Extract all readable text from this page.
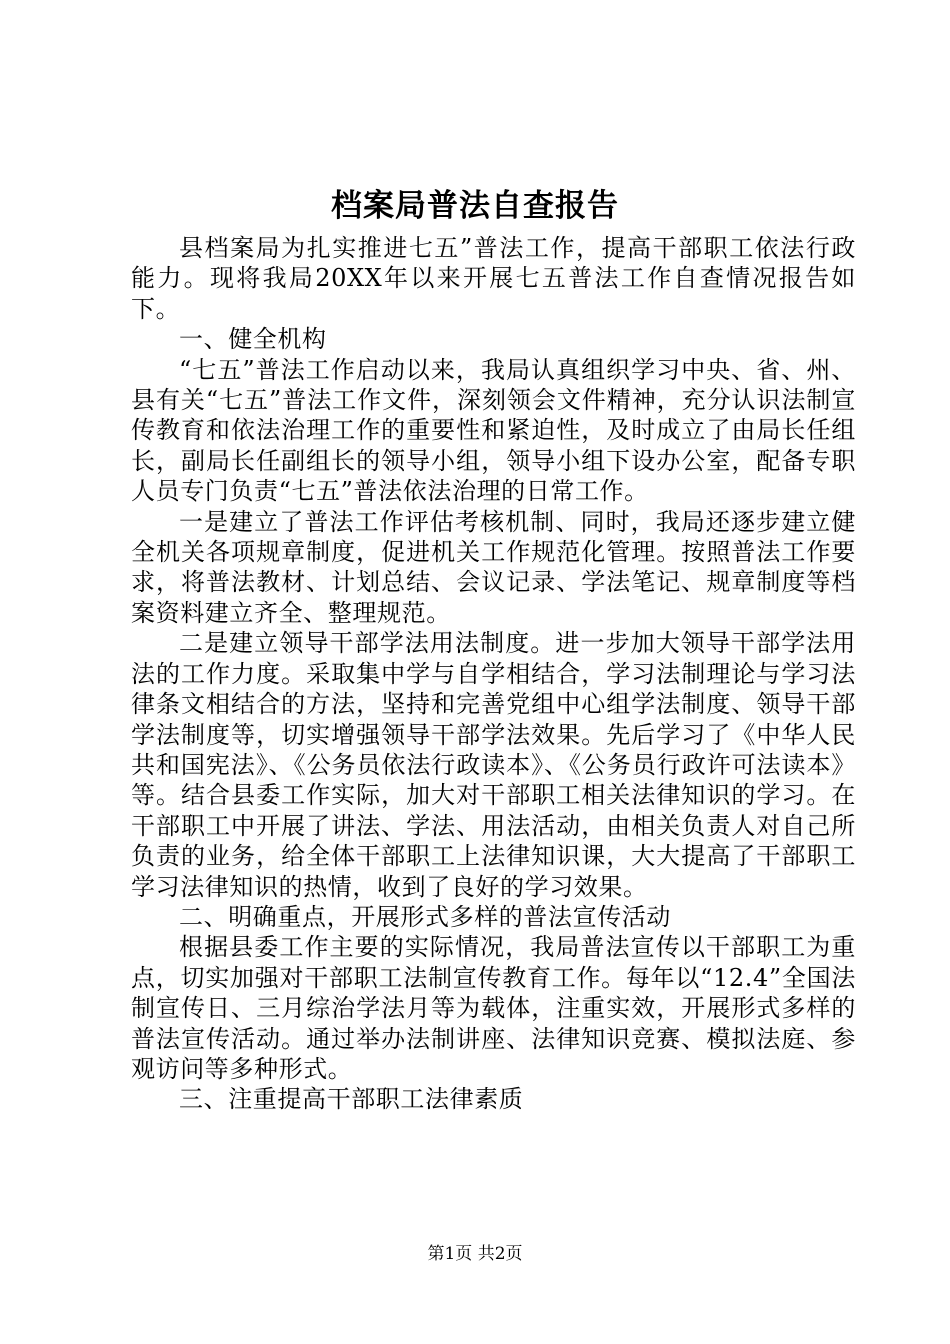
档案局普法自查报告

县档案局为扎实推进七五”普法工作，提高干部职工依法行政能力。现将我局20XX年以来开展七五普法工作自查情况报告如下。

一、健全机构

“七五”普法工作启动以来，我局认真组织学习中央、省、州、县有关“七五”普法工作文件，深刻领会文件精神，充分认识法制宣传教育和依法治理工作的重要性和紧迫性，及时成立了由局长任组长，副局长任副组长的领导小组，领导小组下设办公室，配备专职人员专门负责“七五”普法依法治理的日常工作。

一是建立了普法工作评估考核机制、同时，我局还逐步建立健全机关各项规章制度，促进机关工作规范化管理。按照普法工作要求，将普法教材、计划总结、会议记录、学法笔记、规章制度等档案资料建立齐全、整理规范。

二是建立领导干部学法用法制度。进一步加大领导干部学法用法的工作力度。采取集中学与自学相结合，学习法制理论与学习法律条文相结合的方法，坚持和完善党组中心组学法制度、领导干部学法制度等，切实增强领导干部学法效果。先后学习了《中华人民共和国宪法》、《公务员依法行政读本》、《公务员行政许可法读本》等。结合县委工作实际，加大对干部职工相关法律知识的学习。在干部职工中开展了讲法、学法、用法活动，由相关负责人对自己所负责的业务，给全体干部职工上法律知识课，大大提高了干部职工学习法律知识的热情，收到了良好的学习效果。

二、明确重点，开展形式多样的普法宣传活动

根据县委工作主要的实际情况，我局普法宣传以干部职工为重点，切实加强对干部职工法制宣传教育工作。每年以“12.4”全国法制宣传日、三月综治学法月等为载体，注重实效，开展形式多样的普法宣传活动。通过举办法制讲座、法律知识竞赛、模拟法庭、参观访问等多种形式。

三、注重提高干部职工法律素质

第1页 共2页
